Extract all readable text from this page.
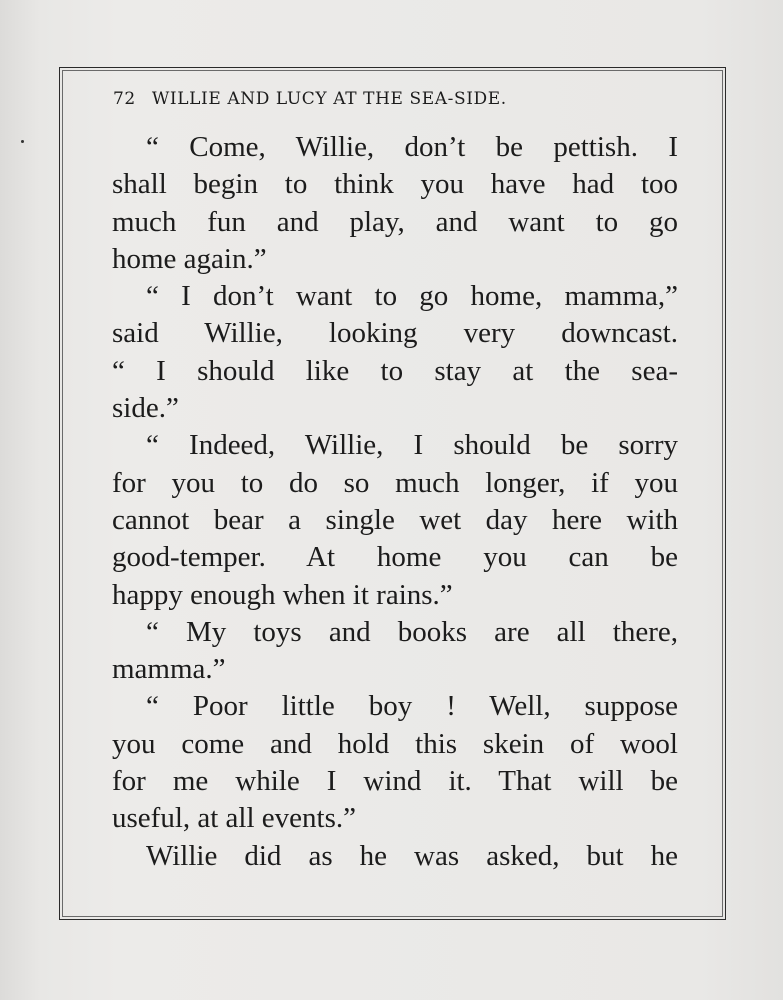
72 WILLIE AND LUCY AT THE SEA-SIDE.
“ Come, Willie, don’t be pettish. I
shall begin to think you have had too
much fun and play, and want to go
home again.”
“ I don’t want to go home, mamma,”
said Willie, looking very downcast.
“ I should like to stay at the sea-
side.”
“ Indeed, Willie, I should be sorry
for you to do so much longer, if you
cannot bear a single wet day here with
good-temper. At home you can be
happy enough when it rains.”
“ My toys and books are all there,
mamma.”
“ Poor little boy ! Well, suppose
you come and hold this skein of wool
for me while I wind it. That will be
useful, at all events.”
Willie did as he was asked, but he
